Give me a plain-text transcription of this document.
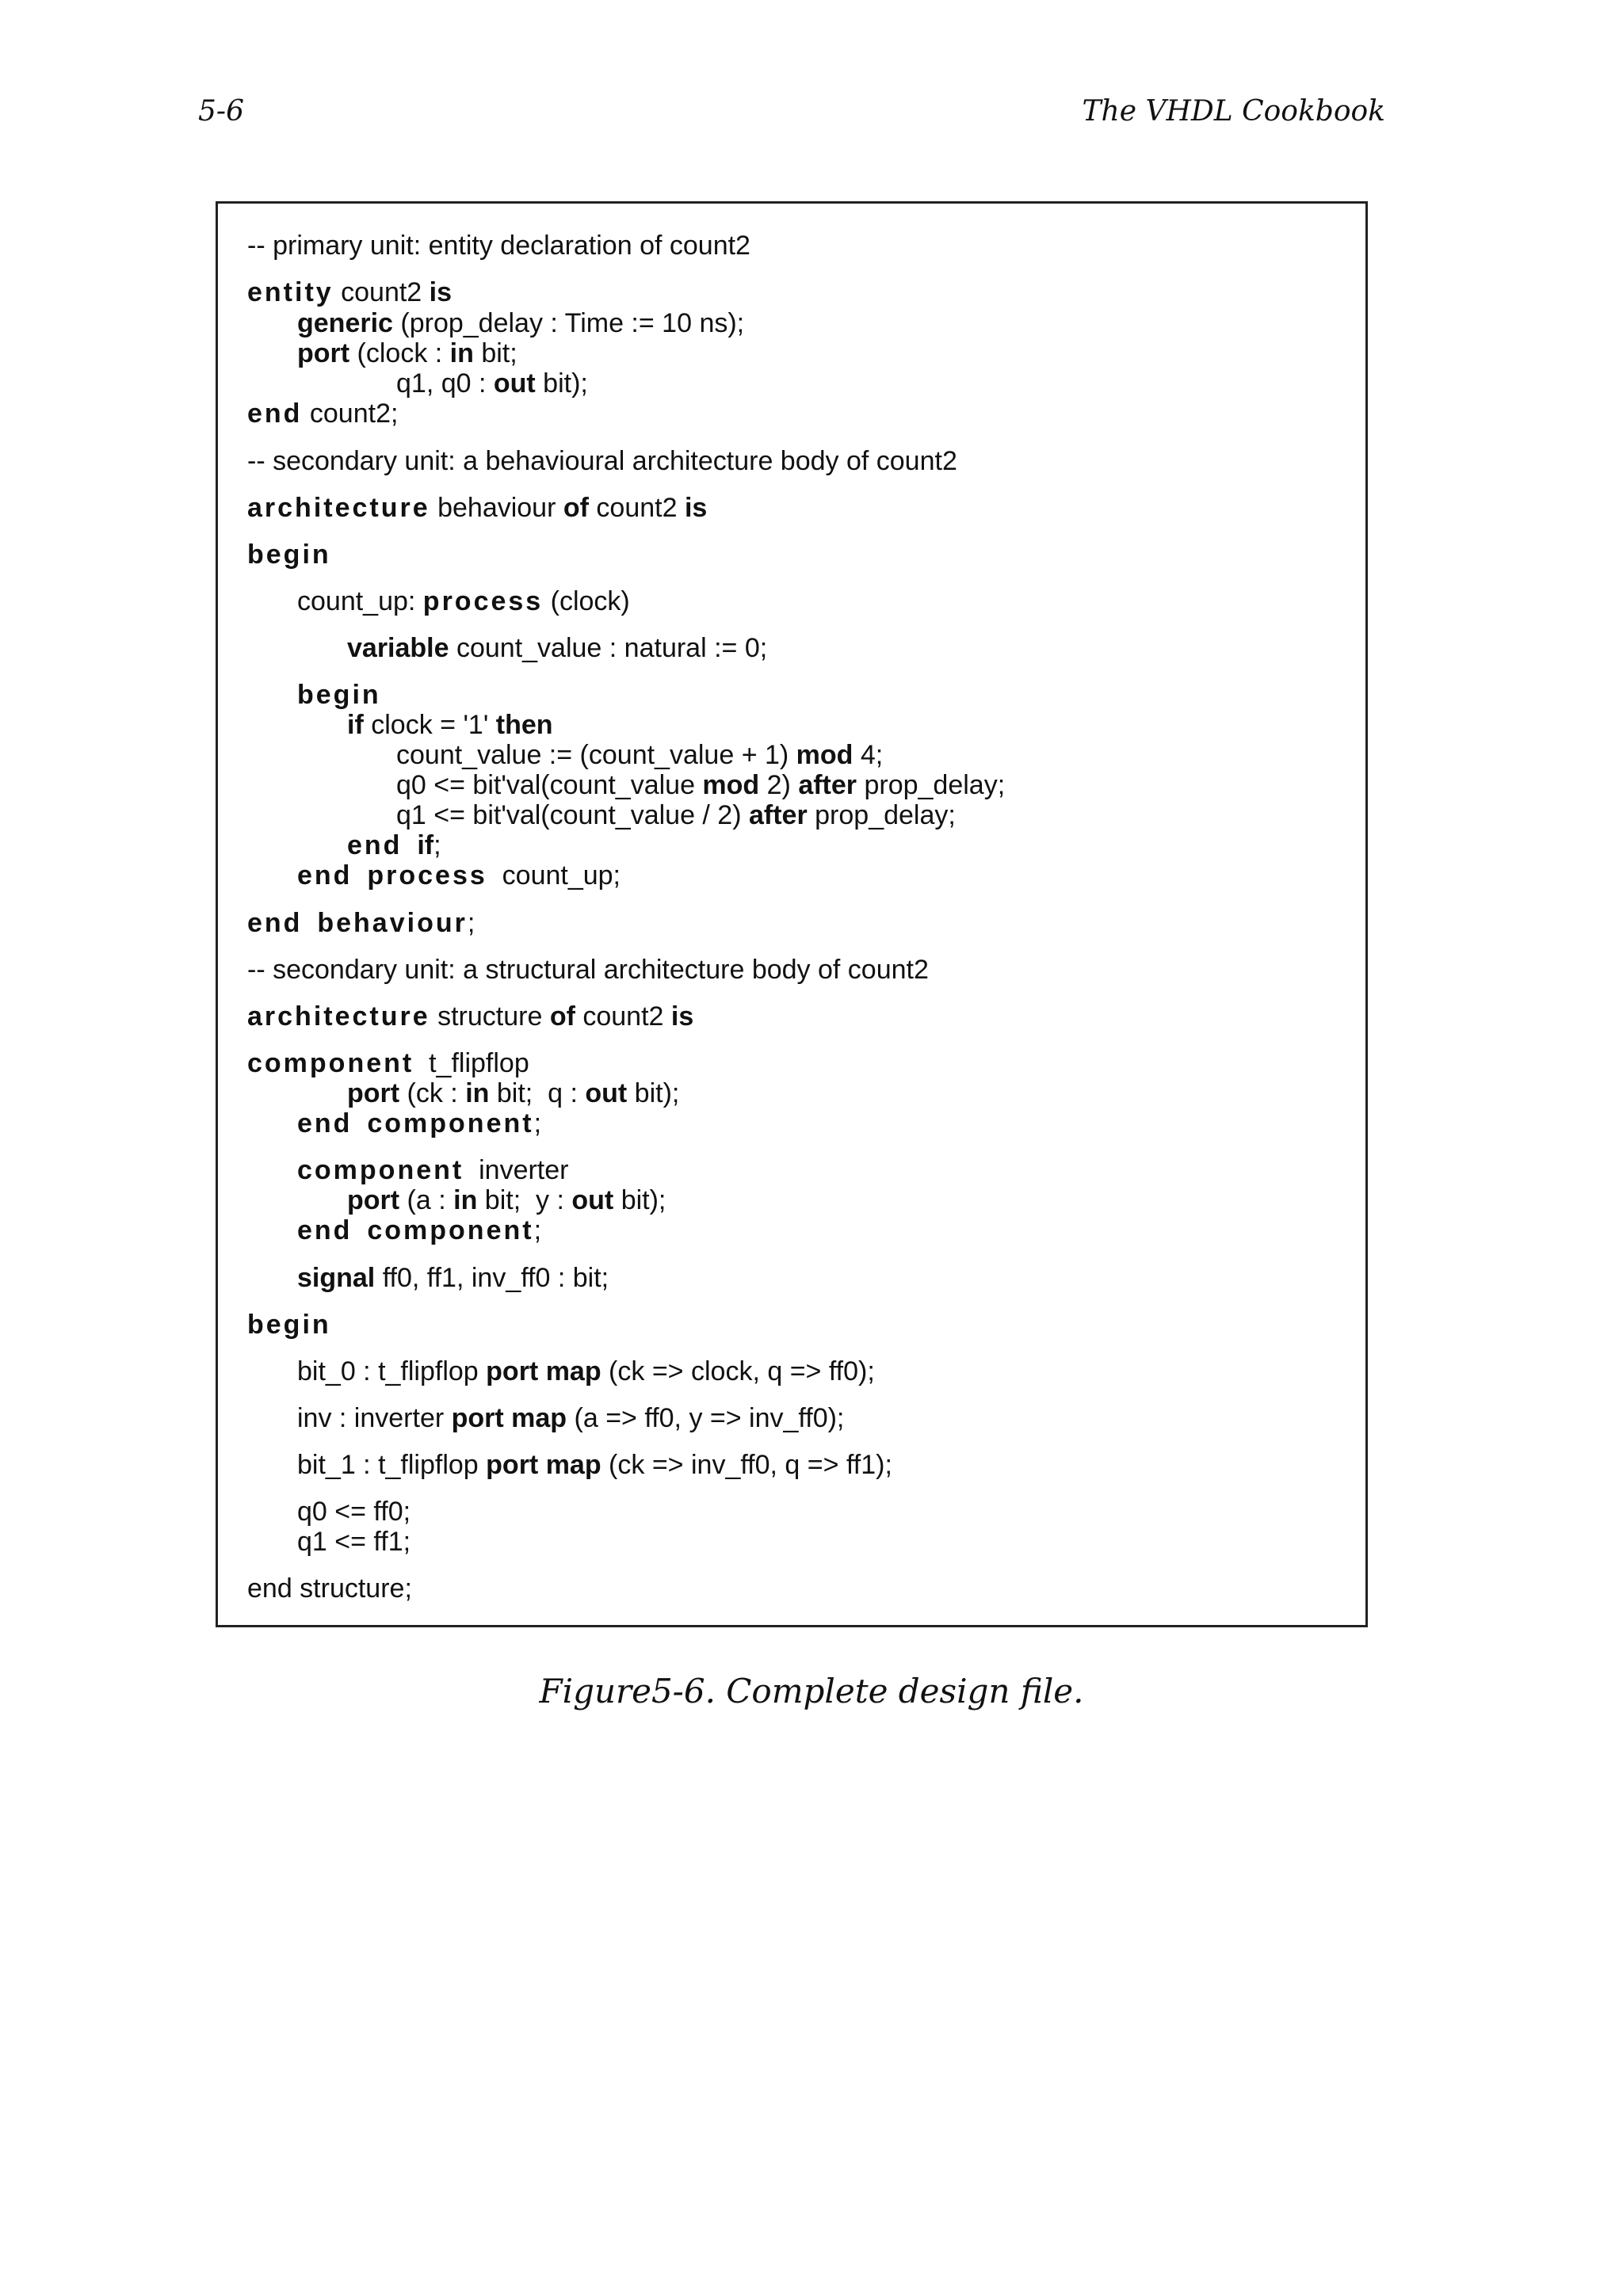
5-6	The VHDL Cookbook
Figure5-6. Complete design file.
-- primary unit: entity declaration of count2
entity count2 is
generic (prop_delay : Time := 10 ns);
port (clock : in bit;
q1, q0 : out bit);
end count2;
-- secondary unit: a behavioural architecture body of count2
architecture behaviour of count2 is
begin
count_up: process (clock)
variable count_value : natural := 0;
begin
if clock = '1' then
count_value := (count_value + 1) mod 4;
q0 <= bit'val(count_value mod 2) after prop_delay;
q1 <= bit'val(count_value / 2) after prop_delay;
end if;
end process  count_up;
end behaviour;
-- secondary unit: a structural architecture body of count2
architecture structure of count2 is
component  t_flipflop
port (ck : in bit;  q : out bit);
end component;
component  inverter
port (a : in bit;  y : out bit);
end component;
signal ff0, ff1, inv_ff0 : bit;
begin
bit_0 : t_flipflop port map (ck => clock, q => ff0);
inv : inverter port map (a => ff0, y => inv_ff0);
bit_1 : t_flipflop port map (ck => inv_ff0, q => ff1);
q0 <= ff0;
q1 <= ff1;
end structure;
